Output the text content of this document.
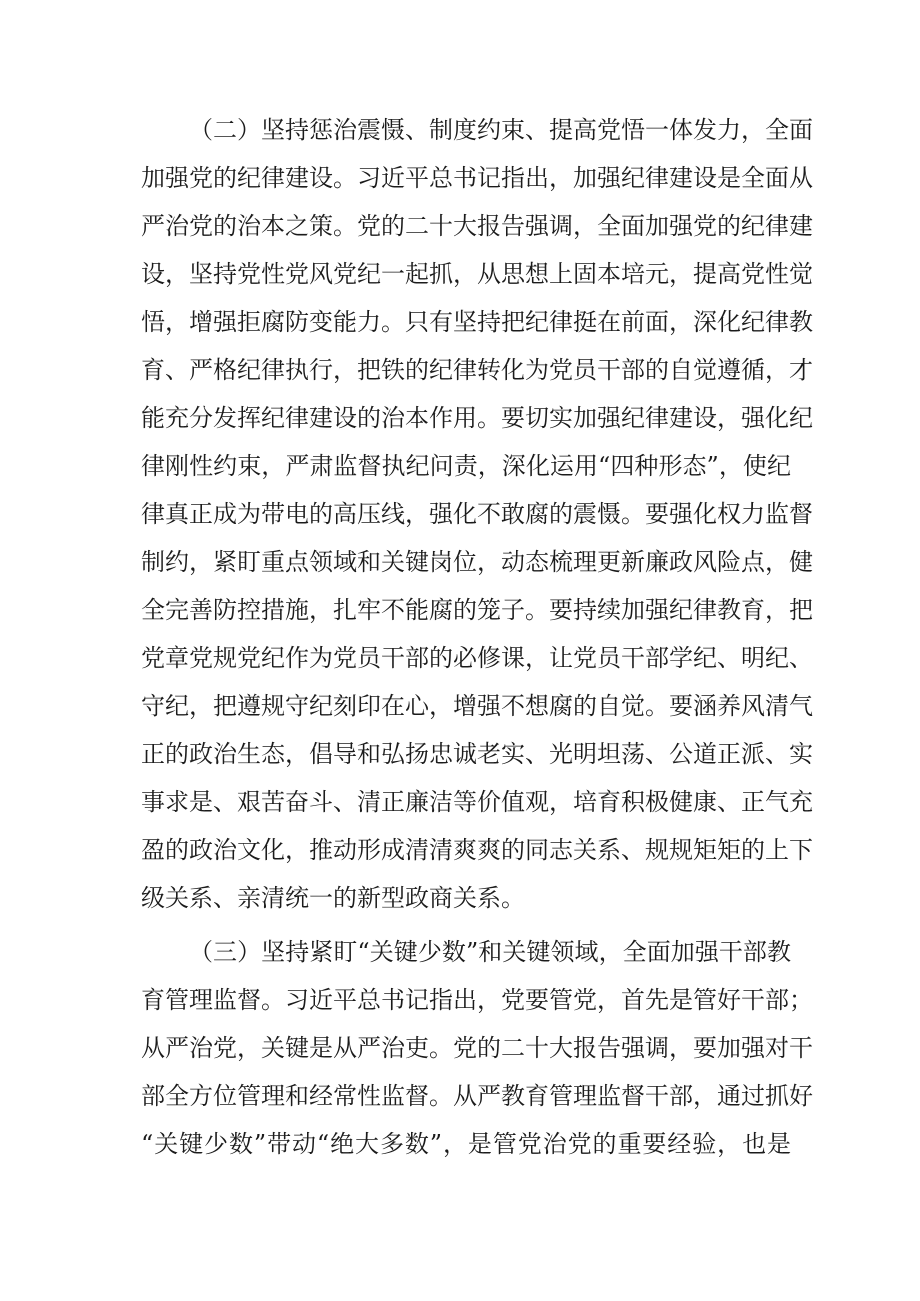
（二）坚持惩治震慑、制度约束、提高党悟一体发力，全面
加强党的纪律建设。习近平总书记指出，加强纪律建设是全面从
严治党的治本之策。党的二十大报告强调，全面加强党的纪律建
设，坚持党性党风党纪一起抓，从思想上固本培元，提高党性觉
悟，增强拒腐防变能力。只有坚持把纪律挺在前面，深化纪律教
育、严格纪律执行，把铁的纪律转化为党员干部的自觉遵循，才
能充分发挥纪律建设的治本作用。要切实加强纪律建设，强化纪
律刚性约束，严肃监督执纪问责，深化运用“四种形态”，使纪
律真正成为带电的高压线，强化不敢腐的震慑。要强化权力监督
制约，紧盯重点领域和关键岗位，动态梳理更新廉政风险点，健
全完善防控措施，扎牢不能腐的笼子。要持续加强纪律教育，把
党章党规党纪作为党员干部的必修课，让党员干部学纪、明纪、
守纪，把遵规守纪刻印在心，增强不想腐的自觉。要涵养风清气
正的政治生态，倡导和弘扬忠诚老实、光明坦荡、公道正派、实
事求是、艰苦奋斗、清正廉洁等价值观，培育积极健康、正气充
盈的政治文化，推动形成清清爽爽的同志关系、规规矩矩的上下
级关系、亲清统一的新型政商关系。
（三）坚持紧盯“关键少数”和关键领域，全面加强干部教
育管理监督。习近平总书记指出，党要管党，首先是管好干部；
从严治党，关键是从严治吏。党的二十大报告强调，要加强对干
部全方位管理和经常性监督。从严教育管理监督干部，通过抓好
“关键少数”带动“绝大多数”，是管党治党的重要经验，也是
